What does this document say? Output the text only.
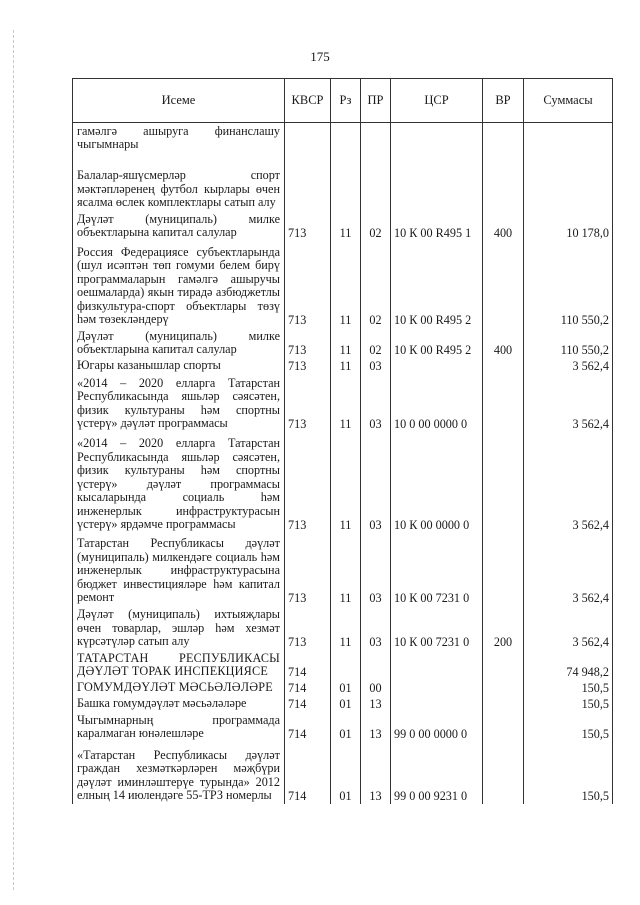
175
Исеме	КВСР	Рз	ПР	ЦСР	ВР	Суммасы
гамәлгә ашыруга финанслашу чыгымнары						
Балалар-яшүсмерләр спорт мәктәпләренең футбол кырлары өчен ясалма өслек комплектлары сатып алу						
Дәүләт (муниципаль) милке объектларына капитал салулар	713	11	02	10 К 00 R495 1	400	10 178,0
Россия Федерациясе субъектларында (шул исәптән төп гомуми белем бирү программаларын гамәлгә ашыручы оешмаларда) якын тирадә азбюджетлы физкультура-спорт объектлары төзү һәм төзекләндерү	713	11	02	10 К 00 R495 2		110 550,2
Дәүләт (муниципаль) милке объектларына капитал салулар	713	11	02	10 К 00 R495 2	400	110 550,2
Югары казанышлар спорты	713	11	03			3 562,4
«2014 – 2020 елларга Татарстан Республикасында яшьләр сәясәтен, физик культураны һәм спортны үстерү» дәүләт программасы	713	11	03	10 0 00 0000 0		3 562,4
«2014 – 2020 елларга Татарстан Республикасында яшьләр сәясәтен, физик культураны һәм спортны үстерү» дәүләт программасы кысаларында социаль һәм инженерлык инфраструктурасын үстерү» ярдәмче программасы	713	11	03	10 К 00 0000 0		3 562,4
Татарстан Республикасы дәүләт (муниципаль) милкендәге социаль һәм инженерлык инфраструктурасына бюджет инвестицияләре һәм капитал ремонт	713	11	03	10 К 00 7231 0		3 562,4
Дәүләт (муниципаль) ихтыяҗлары өчен товарлар, эшләр һәм хезмәт күрсәтүләр сатып алу	713	11	03	10 К 00 7231 0	200	3 562,4
ТАТАРСТАН РЕСПУБЛИКАСЫ ДӘҮЛӘТ ТОРАК ИНСПЕКЦИЯСЕ	714					74 948,2
ГОМУМДӘҮЛӘТ МӘСЬӘЛӘЛӘРЕ	714	01	00			150,5
Башка гомумдәүләт мәсьәләләре	714	01	13			150,5
Чыгымнарның программада каралмаган юнәлешләре	714	01	13	99 0 00 0000 0		150,5
«Татарстан Республикасы дәүләт граждан хезмәткәрләрен мәҗбүри дәүләт иминләштерүе турында» 2012 елның 14 июлендәге 55-ТРЗ номерлы	714	01	13	99 0 00 9231 0		150,5
